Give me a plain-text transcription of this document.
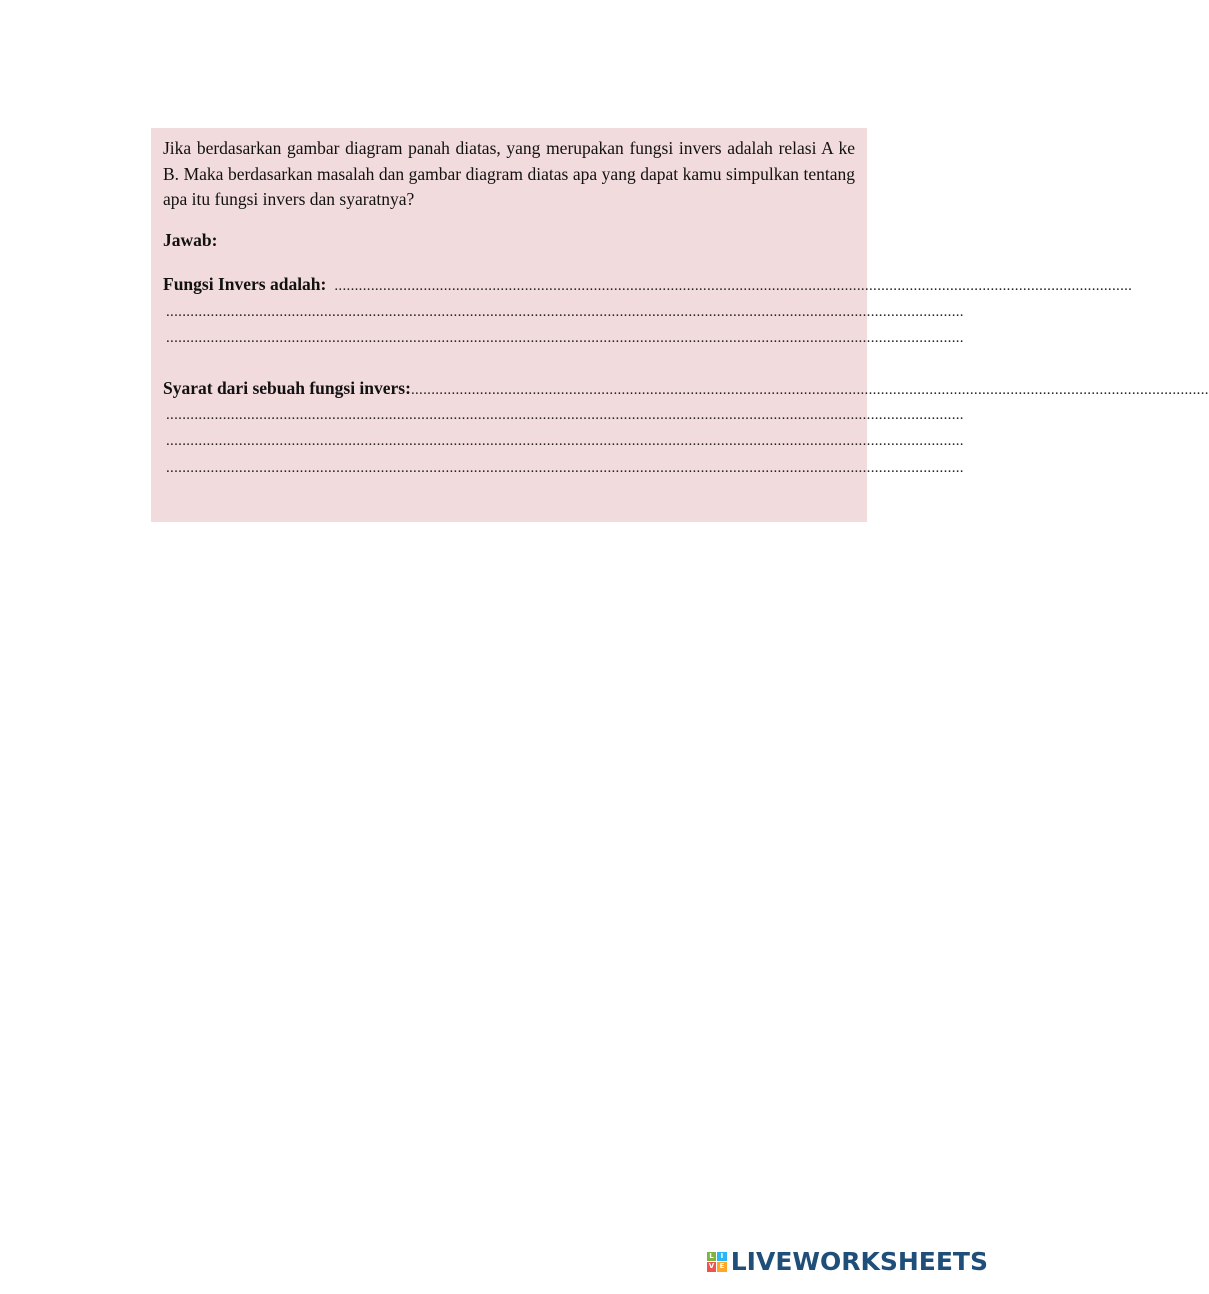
Jika berdasarkan gambar diagram panah diatas, yang merupakan fungsi invers adalah relasi A ke B. Maka berdasarkan masalah dan gambar diagram diatas apa yang dapat kamu simpulkan tentang apa itu fungsi invers dan syaratnya?

Jawab:

Fungsi Invers adalah: .....................................................................................................................................................................................................
.....................................................................................................................................................................................................
.....................................................................................................................................................................................................
Syarat dari sebuah fungsi invers: .....................................................................................................................................................................................................
.....................................................................................................................................................................................................
.....................................................................................................................................................................................................
.....................................................................................................................................................................................................
L I
V E LIVEWORKSHEETS
